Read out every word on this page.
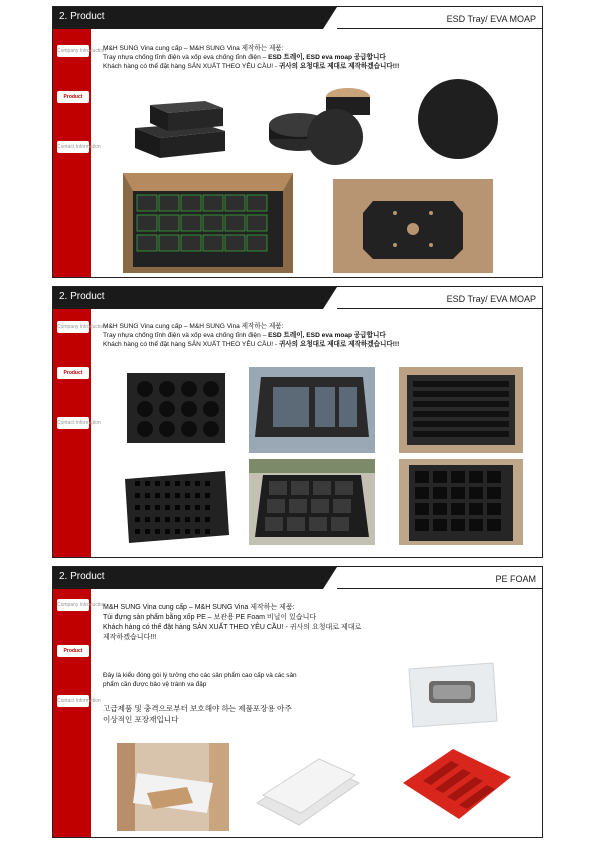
2. Product	ESD Tray/ EVA MOAP
Company Introduction
Product
Contact Information
M&H SUNG Vina cung cấp – M&H SUNG Vina 제작하는 제품:
Tray nhựa chống tĩnh điện và xốp eva chống tĩnh điện – ESD 트레이, ESD eva moap 공급합니다
Khách hàng có thể đặt hàng SẢN XUẤT THEO YÊU CẦU! - 귀사의 요청대로 제대로 제작하겠습니다!!!
2. Product	ESD Tray/ EVA MOAP
Company Introduction
Product
Contact Information
M&H SUNG Vina cung cấp – M&H SUNG Vina 제작하는 제품:
Tray nhựa chống tĩnh điện và xốp eva chống tĩnh điện – ESD 트레이, ESD eva moap 공급합니다
Khách hàng có thể đặt hàng SẢN XUẤT THEO YÊU CẦU! - 귀사의 요청대로 제대로 제작하겠습니다!!!
2. Product	PE FOAM
Company Introduction
Product
Contact Information
M&H SUNG Vina cung cấp – M&H SUNG Vina 제작하는 제품:
Túi đựng sản phẩm bằng xốp PE – 보관용 PE Foam 비닐이 있습니다
Khách hàng có thể đặt hàng SẢN XUẤT THEO YÊU CẦU! - 귀사의 요청대로 제대로
제작하겠습니다!!!
Đây là kiểu đóng gói lý tưởng cho các sản phẩm cao cấp và các sản
phẩm cần được bảo vệ tránh va đập
고급제품 및 충격으로부터 보호해야 하는 제품포장용 아주
이상적인 포장재입니다
